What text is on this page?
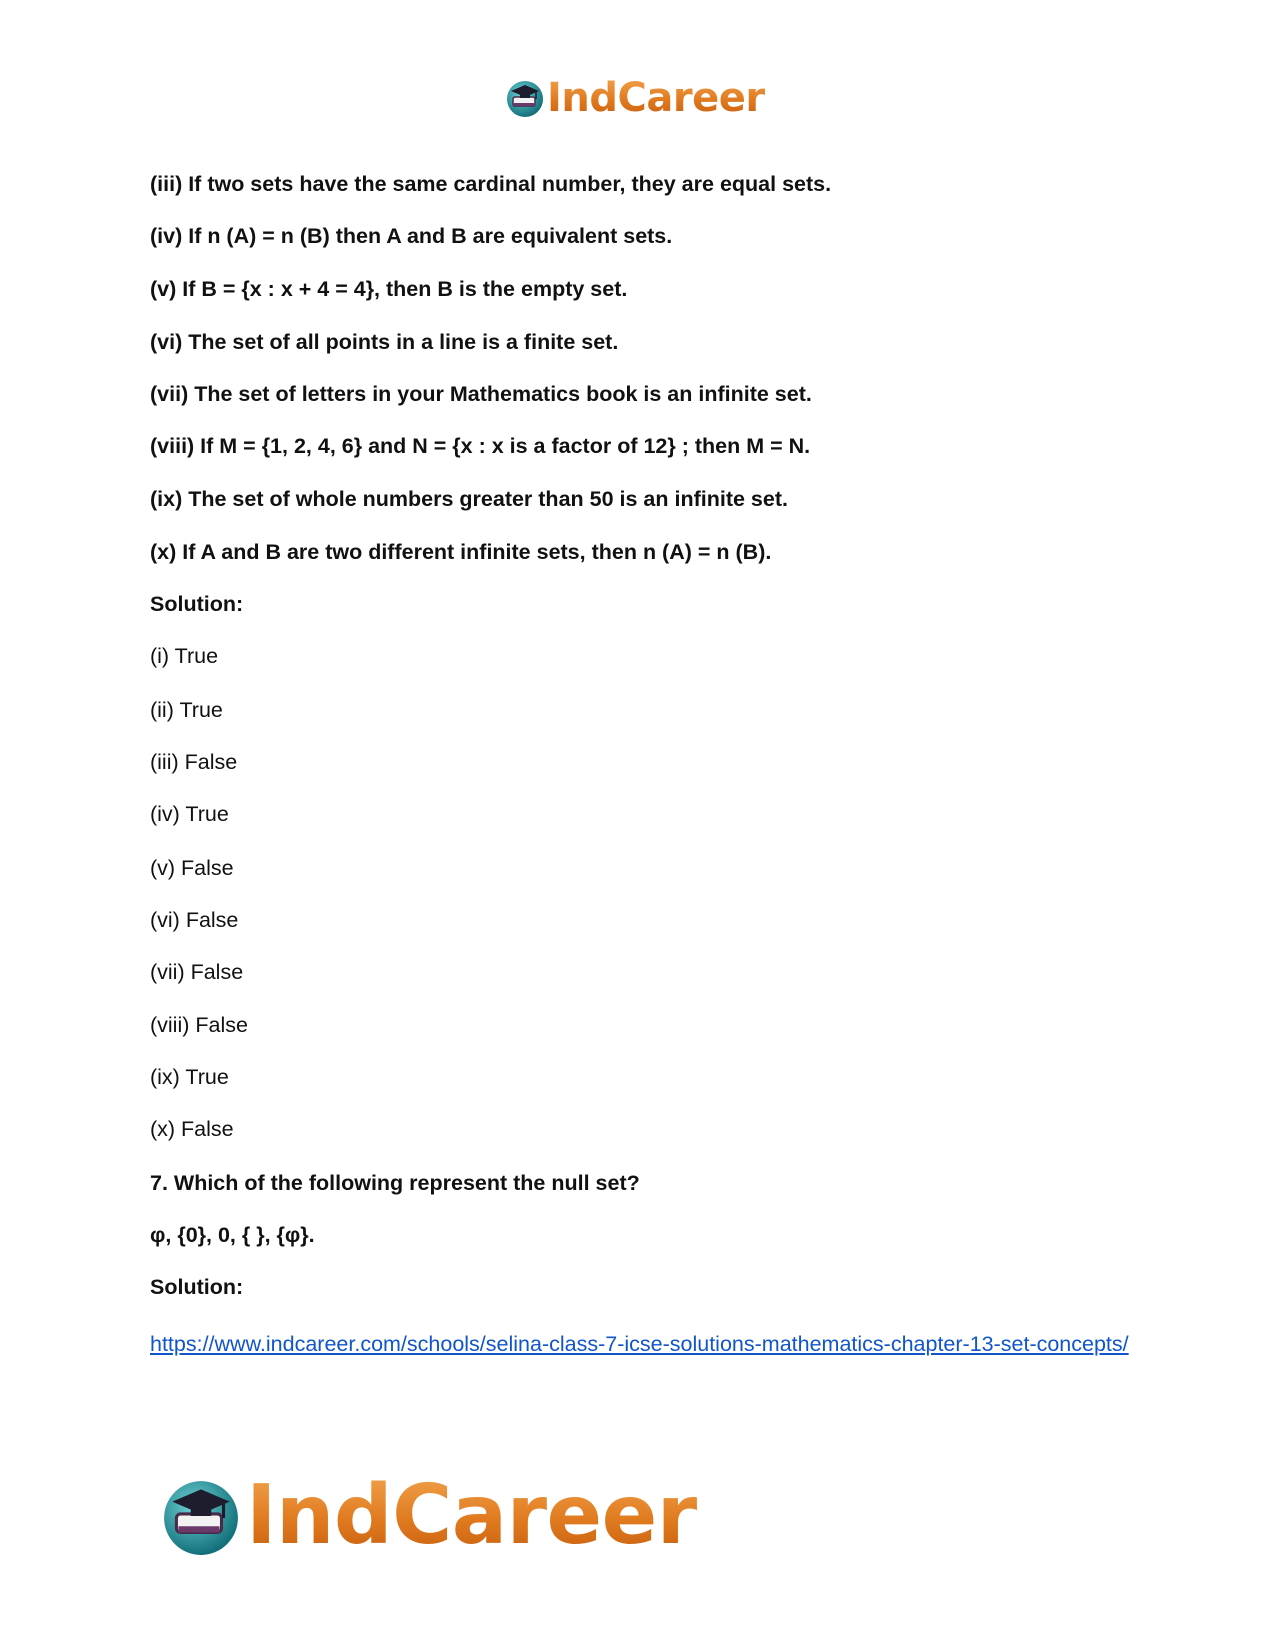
IndCareer
(iii) If two sets have the same cardinal number, they are equal sets.
(iv) If n (A) = n (B) then A and B are equivalent sets.
(v) If B = {x : x + 4 = 4}, then B is the empty set.
(vi) The set of all points in a line is a finite set.
(vii) The set of letters in your Mathematics book is an infinite set.
(viii) If M = {1, 2, 4, 6} and N = {x : x is a factor of 12} ; then M = N.
(ix) The set of whole numbers greater than 50 is an infinite set.
(x) If A and B are two different infinite sets, then n (A) = n (B).
Solution:
(i) True
(ii) True
(iii) False
(iv) True
(v) False
(vi) False
(vii) False
(viii) False
(ix) True
(x) False
7. Which of the following represent the null set?
φ, {0}, 0, { }, {φ}.
Solution:
https://www.indcareer.com/schools/selina-class-7-icse-solutions-mathematics-chapter-13-set-concepts/
IndCareer
